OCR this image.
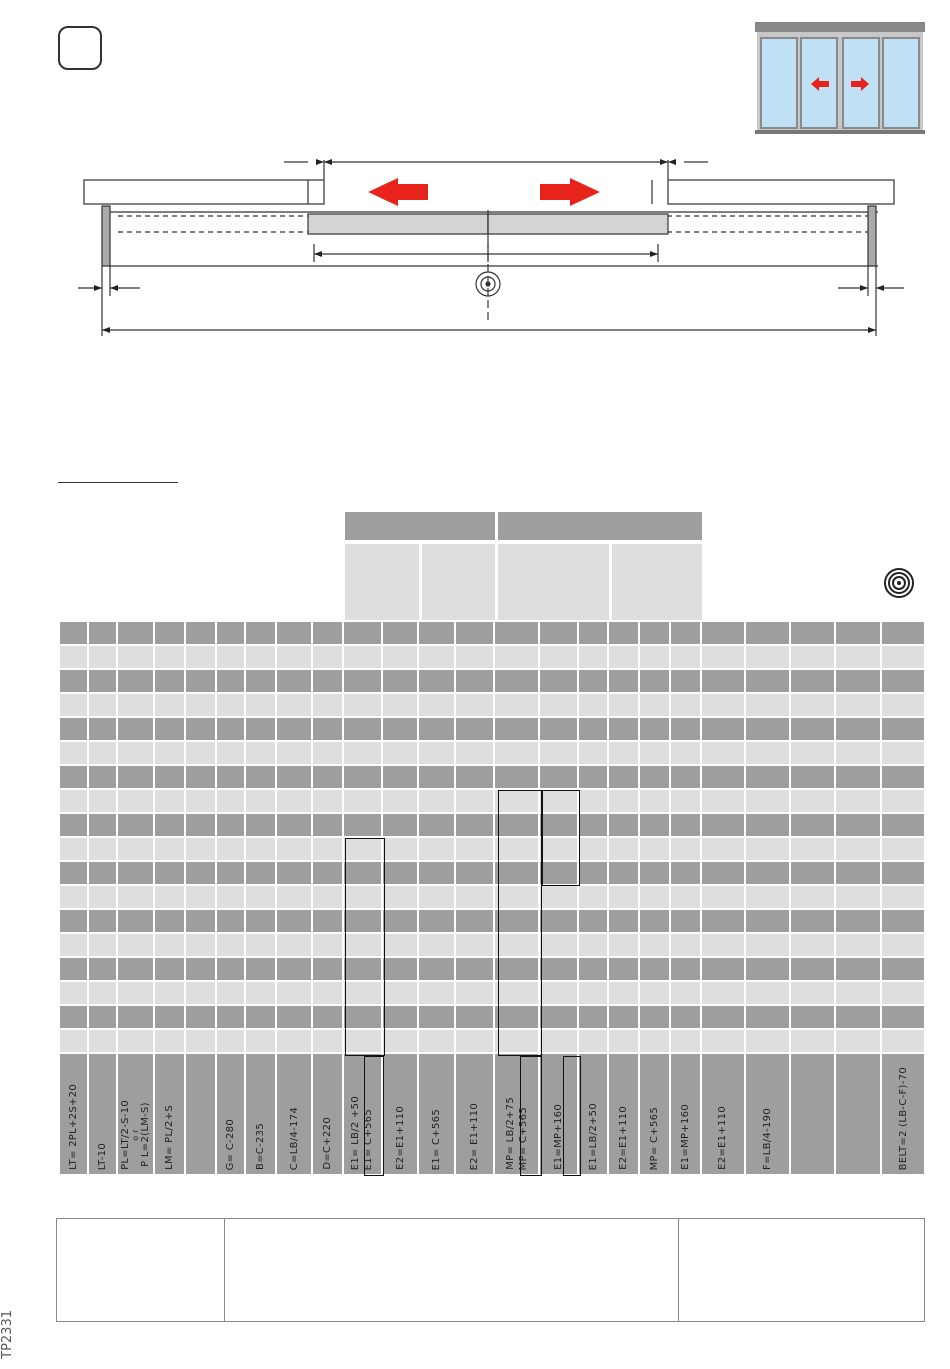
LT= 2PL+2S+20	LT-10	PL=LT/2-S-10 o r P L=2(LM-S)	LM= PL/2+S		G= C-280	B=C-235	C=LB/4-174	D=C+220	E1= LB/2 +50 E1= C+565	E2=E1+110	E1= C+565	E2= E1+110	MP= LB/2+75 MP= C+565	E1=MP+160	E1=LB/2+50	E2=E1+110	MP= C+565	E1=MP+160	E2=E1+110	F=LB/4-190			BELT=2 (LB-C-F)-70
TP2331
